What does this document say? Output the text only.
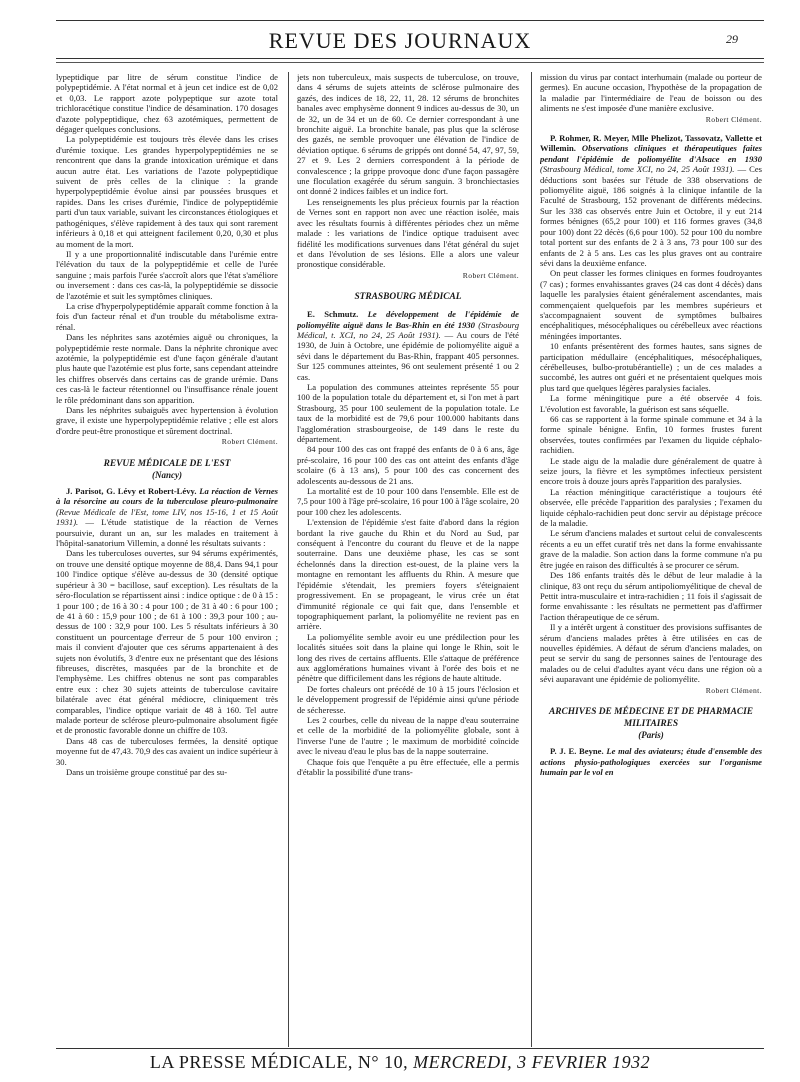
REVUE DES JOURNAUX	29

lypeptidique par litre de sérum constitue l'indice de polypeptidémie. A l'état normal et à jeun cet indice est de 0,02 et 0,03. Le rapport azote polypeptique sur azote total trichloracétique constitue l'indice de désamination. 170 dosages d'azote polypeptidique, chez 63 azotémiques, permettent de dégager quelques conclusions.

La polypeptidémie est toujours très élevée dans les crises d'urémie toxique. Les grandes hyperpolypeptidémies ne se rencontrent que dans la grande intoxication urémique et dans aucun autre état. Les variations de l'azote polypeptidique suivent de près celles de la clinique : la grande hyperpolypeptidémie évolue ainsi par poussées brusques et rapides. Dans les crises d'urémie, l'indice de polypeptidémie parti d'un taux variable, suivant les circonstances étiologiques et pathogéniques, s'élève rapidement à des taux qui sont rarement inférieurs à 0,18 et qui atteignent facilement 0,20, 0,30 et plus au moment de la mort.

Il y a une proportionnalité indiscutable dans l'urémie entre l'élévation du taux de la polypeptidémie et celle de l'urée sanguine ; mais parfois l'urée s'accroît alors que l'état s'améliore ou inversement : dans ces cas-là, la polypeptidémie se dissocie de l'azotémie et suit les symptômes cliniques.

La crise d'hyperpolypeptidémie apparaît comme fonction à la fois d'un facteur rénal et d'un trouble du métabolisme extra-rénal.

Dans les néphrites sans azotémies aiguë ou chroniques, la polypeptidémie reste normale. Dans la néphrite chronique avec azotémie, la polypeptidémie est d'une façon générale d'autant plus haute que l'azotémie est plus forte, sans cependant atteindre les chiffres observés dans certains cas de grande urémie. Dans ces cas-là le facteur rétentionnel ou l'insuffisance rénale jouent le rôle prédominant dans son apparition.

Dans les néphrites subaiguës avec hypertension à évolution grave, il existe une hyperpolypeptidémie relative ; elle est alors d'ordre peut-être pronostique et sûrement doctrinal.

Robert Clément.

REVUE MÉDICALE DE L'EST

(Nancy)

J. Parisot, G. Lévy et Robert-Lévy. La réaction de Vernes à la résorcine au cours de la tuberculose pleuro-pulmonaire (Revue Médicale de l'Est, tome LIV, nos 15-16, 1 et 15 Août 1931). — L'étude statistique de la réaction de Vernes poursuivie, durant un an, sur les malades en traitement à l'hôpital-sanatorium Villemin, a donné les résultats suivants :

Dans les tuberculoses ouvertes, sur 94 sérums expérimentés, on trouve une densité optique moyenne de 88,4. Dans 94,1 pour 100 l'indice optique s'élève au-dessus de 30 (densité optique supérieur à 30 = bacillose, sauf exception). Les résultats de la séro-floculation se répartissent ainsi : indice optique : de 0 à 15 : 1 pour 100 ; de 16 à 30 : 4 pour 100 ; de 31 à 40 : 6 pour 100 ; de 41 à 60 : 15,9 pour 100 ; de 61 à 100 : 39,3 pour 100 ; au-dessus de 100 : 32,9 pour 100. Les 5 résultats inférieurs à 30 constituent un pourcentage d'erreur de 5 pour 100 environ ; mais il convient d'ajouter que ces sérums appartenaient à des sujets non évolutifs, 3 d'entre eux ne présentant que des lésions fibreuses, discrètes, masquées par de la bronchite et de l'emphysème. Les chiffres obtenus ne sont pas comparables entre eux : chez 30 sujets atteints de tuberculose cavitaire bilatérale avec état général médiocre, cliniquement très comparables, l'indice optique variait de 48 à 160. Tel autre malade porteur de sclérose pleuro-pulmonaire absolument figée et de pronostic favorable donne un chiffre de 103.

Dans 48 cas de tuberculoses fermées, la densité optique moyenne fut de 47,43. 70,9 des cas avaient un indice supérieur à 30.

Dans un troisième groupe constitué par des su-

jets non tuberculeux, mais suspects de tuberculose, on trouve, dans 4 sérums de sujets atteints de sclérose pulmonaire des gazés, des indices de 18, 22, 11, 28. 12 sérums de bronchites banales avec emphysème donnent 9 indices au-dessus de 30, un de 32, un de 34 et un de 60. Ce dernier correspondant à une bronchite aiguë. La bronchite banale, pas plus que la sclérose des gazés, ne semble provoquer une élévation de l'indice de déviation optique. 6 sérums de grippés ont donné 54, 47, 97, 59, 27 et 9. Les 2 derniers correspondent à la période de convalescence ; la grippe provoque donc d'une façon passagère une floculation exagérée du sérum sanguin. 3 bronchiectasies ont donné 2 indices faibles et un indice fort.

Les renseignements les plus précieux fournis par la réaction de Vernes sont en rapport non avec une réaction isolée, mais avec les résultats fournis à différentes périodes chez un même malade : les variations de l'indice optique traduisent avec fidélité les modifications survenues dans l'état général du sujet et dans l'évolution de ses lésions. Elle a alors une valeur pronostique considérable.

Robert Clément.

STRASBOURG MÉDICAL

E. Schmutz. Le développement de l'épidémie de poliomyélite aiguë dans le Bas-Rhin en été 1930 (Strasbourg Médical, t. XCI, no 24, 25 Août 1931). — Au cours de l'été 1930, de Juin à Octobre, une épidémie de poliomyélite aiguë a sévi dans le département du Bas-Rhin, frappant 405 personnes. Sur 125 communes atteintes, 96 ont seulement présenté 1 ou 2 cas.

La population des communes atteintes représente 55 pour 100 de la population totale du département et, si l'on met à part Strasbourg, 35 pour 100 seulement de la population totale. Le taux de la morbidité est de 79,6 pour 100.000 habitants dans l'agglomération strasbourgeoise, de 149 dans le reste du département.

84 pour 100 des cas ont frappé des enfants de 0 à 6 ans, âge pré-scolaire, 16 pour 100 des cas ont atteint des enfants d'âge scolaire (6 à 13 ans), 5 pour 100 des cas concernent des adolescents au-dessous de 21 ans.

La mortalité est de 10 pour 100 dans l'ensemble. Elle est de 7,5 pour 100 à l'âge pré-scolaire, 16 pour 100 à l'âge scolaire, 20 pour 100 chez les adolescents.

L'extension de l'épidémie s'est faite d'abord dans la région bordant la rive gauche du Rhin et du Nord au Sud, par conséquent à l'encontre du courant du fleuve et de la nappe souterraine. Dans une deuxième phase, les cas se sont échelonnés dans la direction est-ouest, de la plaine vers la montagne en remontant les affluents du Rhin. A mesure que l'épidémie s'étendait, les premiers foyers s'éteignaient progressivement. En se propageant, le virus crée un état d'immunité régionale ce qui fait que, dans l'ensemble et topographiquement parlant, la poliomyélite ne revient pas en arrière.

La poliomyélite semble avoir eu une prédilection pour les localités situées soit dans la plaine qui longe le Rhin, soit le long des rives de certains affluents. Elle s'attaque de préférence aux agglomérations humaines vivant à l'orée des bois et ne pénètre que difficilement dans les régions de haute altitude.

De fortes chaleurs ont précédé de 10 à 15 jours l'éclosion et le développement progressif de l'épidémie ainsi qu'une période de sécheresse.

Les 2 courbes, celle du niveau de la nappe d'eau souterraine et celle de la morbidité de la poliomyélite globale, sont à l'inverse l'une de l'autre ; le maximum de morbidité coïncide avec le niveau d'eau le plus bas de la nappe souterraine.

Chaque fois que l'enquête a pu être effectuée, elle a permis d'établir la possibilité d'une trans-

mission du virus par contact interhumain (malade ou porteur de germes). En aucune occasion, l'hypothèse de la propagation de la maladie par l'intermédiaire de l'eau de boisson ou des aliments ne s'est imposée d'une manière exclusive.

Robert Clément.

P. Rohmer, R. Meyer, Mlle Phelizot, Tassovatz, Vallette et Willemin. Observations cliniques et thérapeutiques faites pendant l'épidémie de poliomyélite d'Alsace en 1930 (Strasbourg Médical, tome XCI, no 24, 25 Août 1931). — Ces déductions sont basées sur l'étude de 338 observations de poliomyélite aiguë, 186 soignés à la clinique infantile de la Faculté de Strasbourg, 152 provenant de différents médecins. Sur les 338 cas observés entre Juin et Octobre, il y eut 214 formes bénignes (65,2 pour 100) et 116 formes graves (34,8 pour 100) dont 22 décès (6,6 pour 100). 52 pour 100 du nombre total portent sur des enfants de 2 à 3 ans, 73 pour 100 sur des enfants de 2 à 5 ans. Les cas les plus graves ont au contraire sévi dans la deuxième enfance.

On peut classer les formes cliniques en formes foudroyantes (7 cas) ; formes envahissantes graves (24 cas dont 4 décès) dans laquelle les paralysies étaient généralement ascendantes, mais commençaient quelquefois par les membres supérieurs et s'accompagnaient souvent de symptômes bulbaires encéphalitiques, mésocéphaliques ou cérébelleux avec réactions méningées importantes.

10 enfants présentèrent des formes hautes, sans signes de participation médullaire (encéphalitiques, mésocéphaliques, cérébelleuses, bulbo-protubérantielle) ; un de ces malades a succombé, les autres ont guéri et ne présentaient quelques mois plus tard que quelques légères paralysies faciales.

La forme méningitique pure a été observée 4 fois. L'évolution est favorable, la guérison est sans séquelle.

66 cas se rapportent à la forme spinale commune et 34 à la forme spinale bénigne. Enfin, 10 formes frustes furent observées, toutes confirmées par l'examen du liquide céphalo-rachidien.

Le stade aigu de la maladie dure généralement de quatre à seize jours, la fièvre et les symptômes infectieux persistent encore trois à douze jours après l'apparition des paralysies.

La réaction méningitique caractéristique a toujours été observée, elle précède l'apparition des paralysies ; l'examen du liquide céphalo-rachidien peut donc servir au dépistage précoce de la maladie.

Le sérum d'anciens malades et surtout celui de convalescents récents a eu un effet curatif très net dans la forme envahissante grave de la maladie. Son action dans la forme commune n'a pu être jugée en raison des difficultés à se procurer ce sérum.

Des 186 enfants traités dès le début de leur maladie à la clinique, 83 ont reçu du sérum antipoliomyélitique de cheval de Pettit intra-musculaire et intra-rachidien ; 11 fois il s'agissait de forme envahissante : les résultats ne permettent pas d'affirmer l'action thérapeutique de ce sérum.

Il y a intérêt urgent à constituer des provisions suffisantes de sérum d'anciens malades prêtes à être utilisées en cas de nouvelles épidémies. A défaut de sérum d'anciens malades, on peut se servir du sang de personnes saines de l'entourage des malades ou de celui d'adultes ayant vécu dans une région où a sévi auparavant une épidémie de poliomyélite.

Robert Clément.

ARCHIVES DE MÉDECINE ET DE PHARMACIE MILITAIRES

(Paris)

P. J. E. Beyne. Le mal des aviateurs; étude d'ensemble des actions physio-pathologiques exercées sur l'organisme humain par le vol en

LA PRESSE MÉDICALE, N° 10, MERCREDI, 3 FEVRIER 1932
